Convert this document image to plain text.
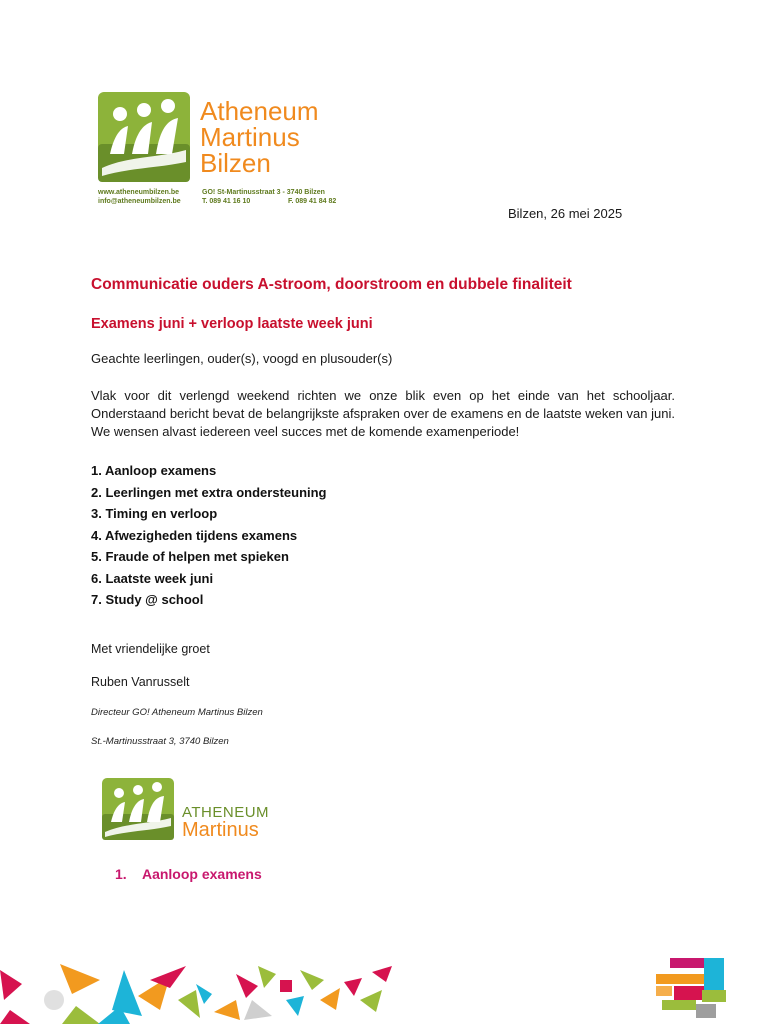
Atheneum
Martinus
Bilzen
www.atheneumbilzen.be
info@atheneumbilzen.be
GO! St-Martinusstraat 3 - 3740 Bilzen
T. 089 41 16 10	F. 089 41 84 82
Bilzen, 26 mei 2025
Communicatie ouders A-stroom, doorstroom en dubbele finaliteit
Examens juni + verloop laatste week juni
Geachte leerlingen, ouder(s), voogd en plusouder(s)
Vlak voor dit verlengd weekend richten we onze blik even op het einde van het schooljaar. Onderstaand bericht bevat de belangrijkste afspraken over de examens en de laatste weken van juni. We wensen alvast iedereen veel succes met de komende examenperiode!
1. Aanloop examens
2. Leerlingen met extra ondersteuning
3. Timing en verloop
4. Afwezigheden tijdens examens
5. Fraude of helpen met spieken
6. Laatste week juni
7. Study @ school
Met vriendelijke groet
Ruben Vanrusselt
Directeur GO! Atheneum Martinus Bilzen
St.-Martinusstraat 3, 3740 Bilzen
ATHENEUM
Martinus
1. Aanloop examens
